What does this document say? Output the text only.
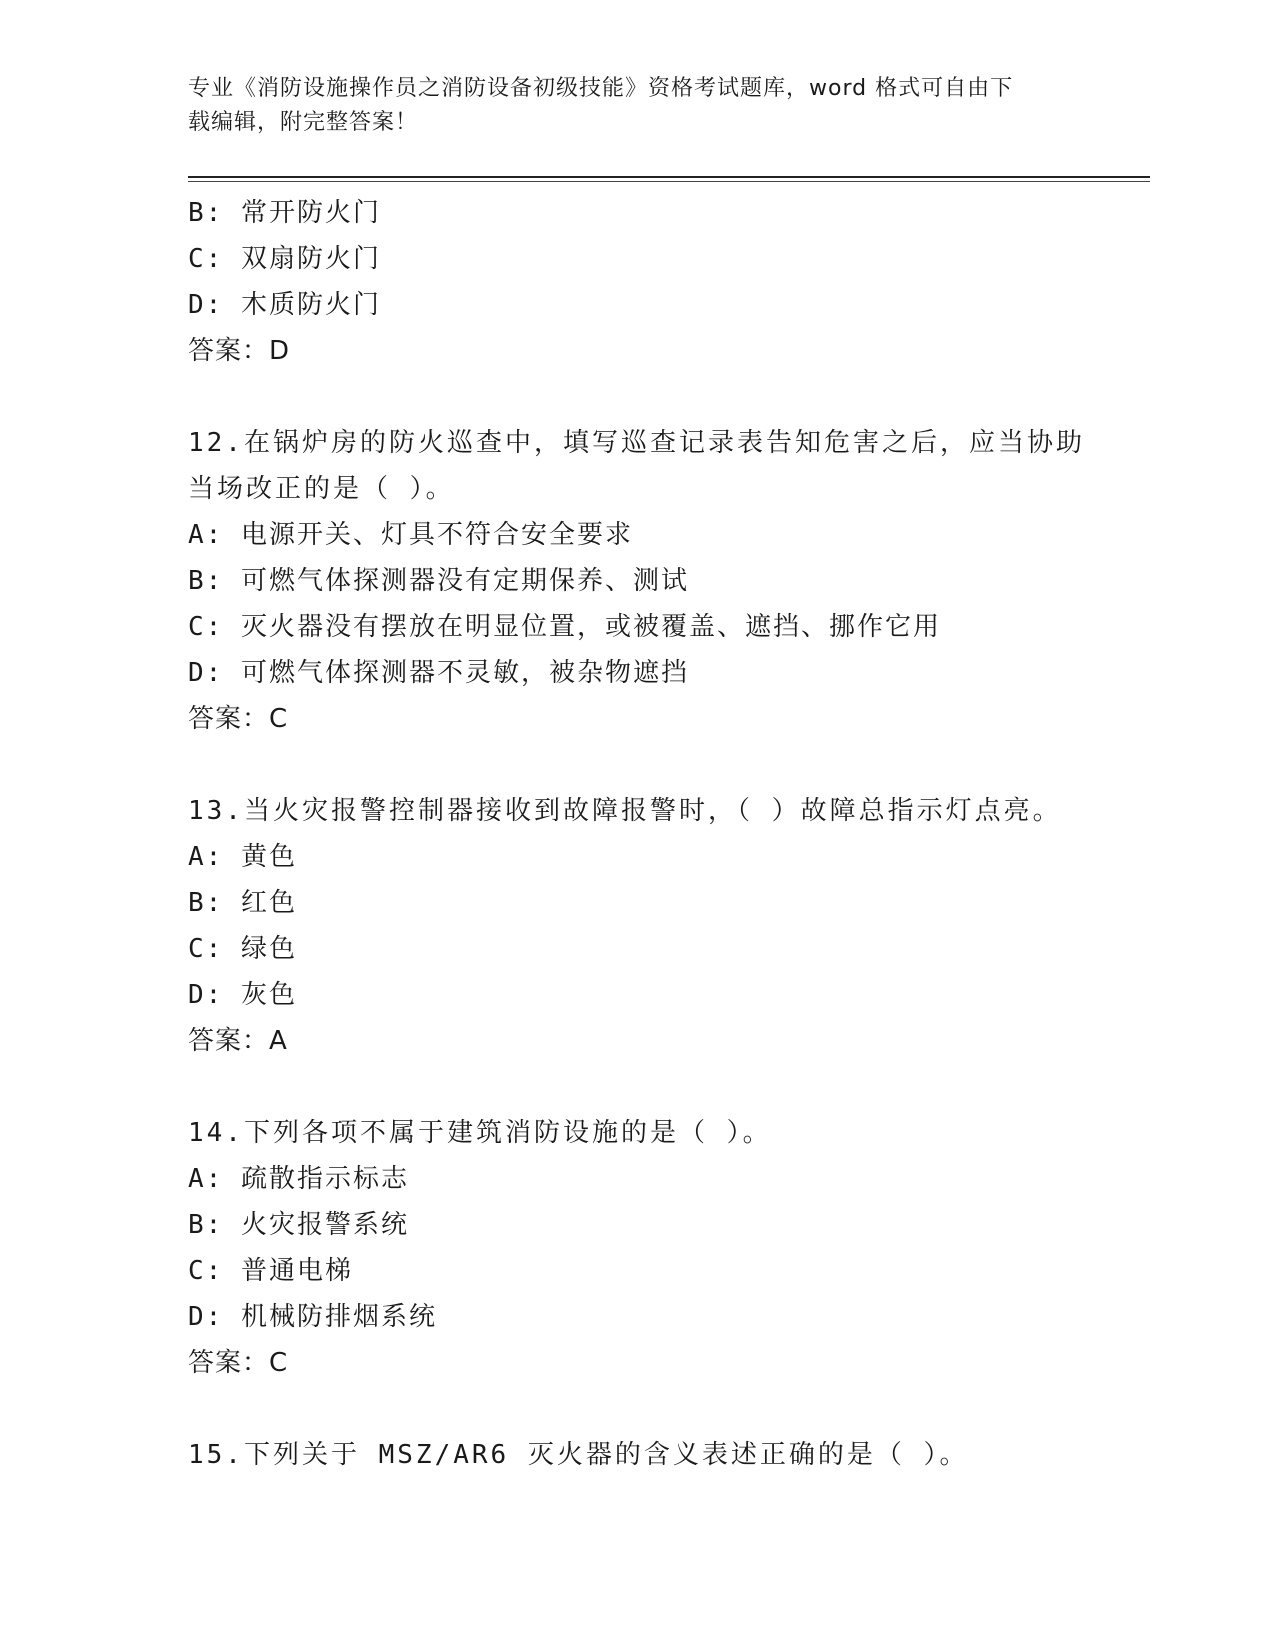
专业《消防设施操作员之消防设备初级技能》资格考试题库，word 格式可自由下
载编辑，附完整答案！
B: 常开防火门
C: 双扇防火门
D: 木质防火门
答案：D
12.在锅炉房的防火巡查中，填写巡查记录表告知危害之后，应当协助
当场改正的是（ ）。
A: 电源开关、灯具不符合安全要求
B: 可燃气体探测器没有定期保养、测试
C: 灭火器没有摆放在明显位置，或被覆盖、遮挡、挪作它用
D: 可燃气体探测器不灵敏，被杂物遮挡
答案：C
13.当火灾报警控制器接收到故障报警时，（ ）故障总指示灯点亮。
A: 黄色
B: 红色
C: 绿色
D: 灰色
答案：A
14.下列各项不属于建筑消防设施的是（ ）。
A: 疏散指示标志
B: 火灾报警系统
C: 普通电梯
D: 机械防排烟系统
答案：C
15.下列关于 MSZ/AR6 灭火器的含义表述正确的是（ ）。
